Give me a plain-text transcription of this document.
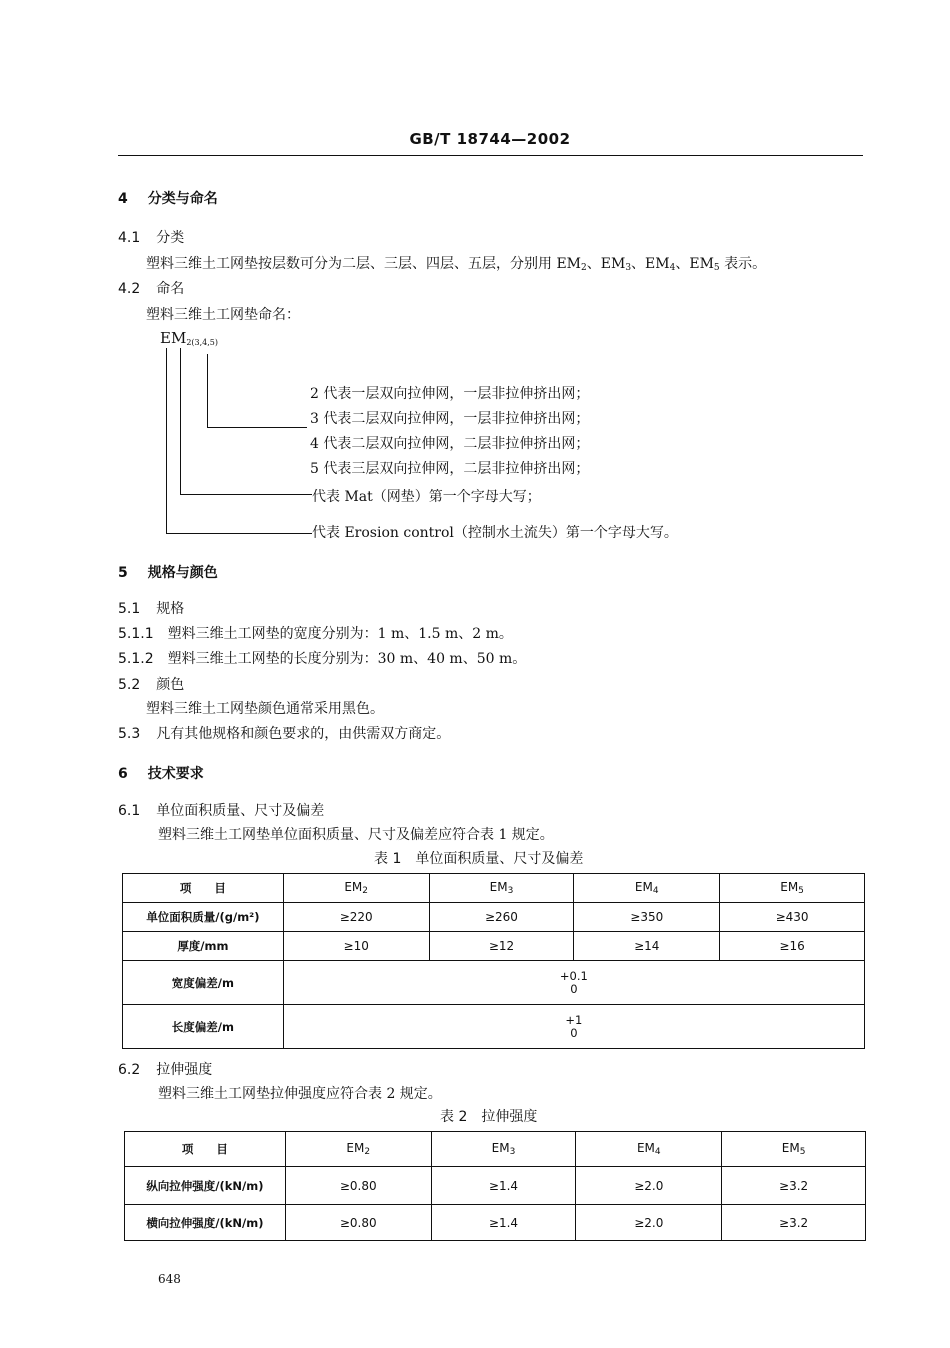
GB/T 18744—2002
4 分类与命名
4.1 分类
塑料三维土工网垫按层数可分为二层、三层、四层、五层，分别用 $EM_2$、$EM_3$、$EM_4$、$EM_5$ 表示。
4.2 命名
塑料三维土工网垫命名：
$EM_{2(3,4,5)}$
2 代表一层双向拉伸网，一层非拉伸挤出网；
3 代表二层双向拉伸网，一层非拉伸挤出网；
4 代表二层双向拉伸网，二层非拉伸挤出网；
5 代表三层双向拉伸网，二层非拉伸挤出网；
代表 Mat（网垫）第一个字母大写；
代表 Erosion control（控制水土流失）第一个字母大写。
5 规格与颜色
5.1 规格
5.1.1 塑料三维土工网垫的宽度分别为：1 m、1.5 m、2 m。
5.1.2 塑料三维土工网垫的长度分别为：30 m、40 m、50 m。
5.2 颜色
塑料三维土工网垫颜色通常采用黑色。
5.3 凡有其他规格和颜色要求的，由供需双方商定。
6 技术要求
6.1 单位面积质量、尺寸及偏差
塑料三维土工网垫单位面积质量、尺寸及偏差应符合表 1 规定。
表 1　单位面积质量、尺寸及偏差
项　　目	$EM_2$	$EM_3$	$EM_4$	$EM_5$
单位面积质量/(g/m²)	≥220	≥260	≥350	≥430
厚度/mm	≥10	≥12	≥14	≥16
宽度偏差/m	+0.1
0			
长度偏差/m	+1
0			
6.2 拉伸强度
塑料三维土工网垫拉伸强度应符合表 2 规定。
表 2　拉伸强度
项　　目	$EM_2$	$EM_3$	$EM_4$	$EM_5$
纵向拉伸强度/(kN/m)	≥0.80	≥1.4	≥2.0	≥3.2
横向拉伸强度/(kN/m)	≥0.80	≥1.4	≥2.0	≥3.2
648
